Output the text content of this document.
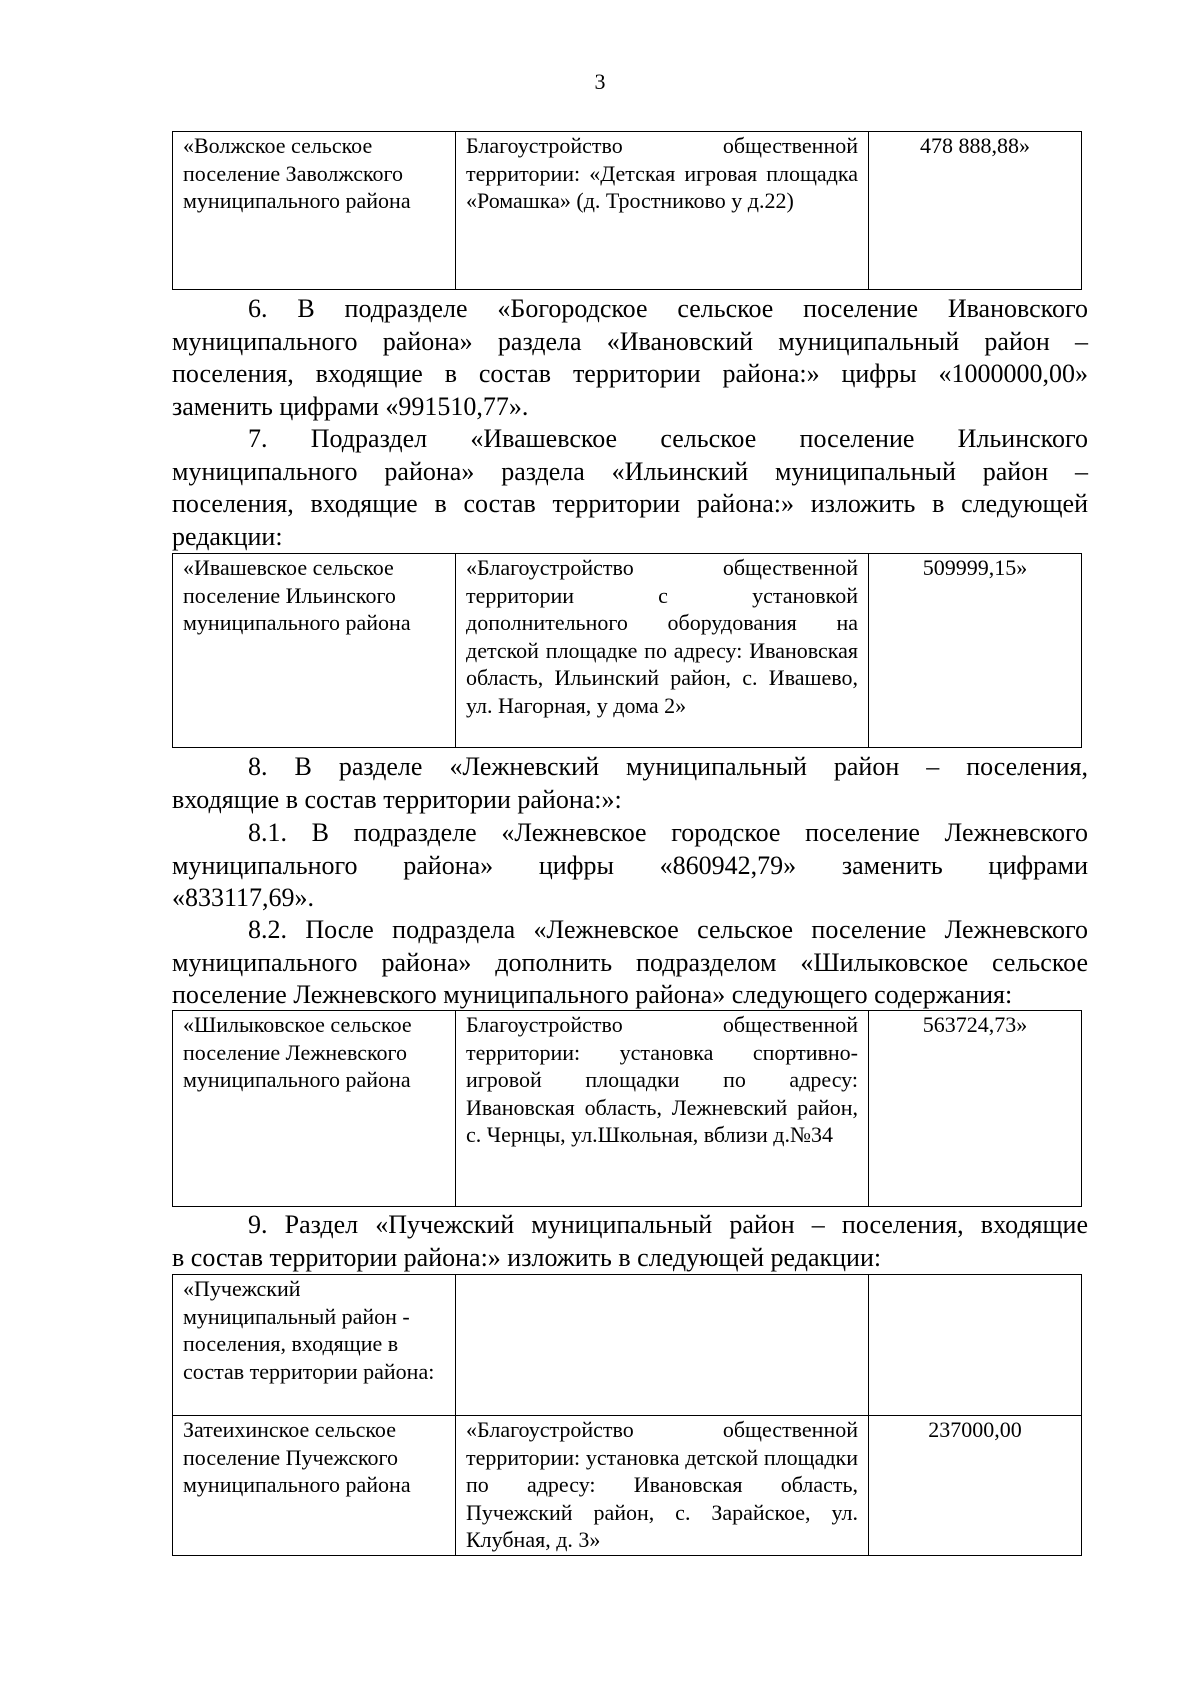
3
«Волжское сельское поселение Заволжского муниципального района	Благоустройство общественной территории: «Детская игровая площадка «Ромашка» (д. Тростниково у д.22)	478 888,88»
6. В подразделе «Богородское сельское поселение Ивановского
муниципального района» раздела «Ивановский муниципальный район –
поселения, входящие в состав территории района:» цифры «1000000,00»
заменить цифрами «991510,77».
7. Подраздел «Ивашевское сельское поселение Ильинского
муниципального района» раздела «Ильинский муниципальный район –
поселения, входящие в состав территории района:» изложить в следующей
редакции:
«Ивашевское сельское поселение Ильинского муниципального района	«Благоустройство общественной территории с установкой дополнительного оборудования на детской площадке по адресу: Ивановская область, Ильинский район, с. Ивашево, ул. Нагорная, у дома 2»	509999,15»
8. В разделе «Лежневский муниципальный район – поселения,
входящие в состав территории района:»:
8.1. В подразделе «Лежневское городское поселение Лежневского
муниципального района» цифры «860942,79» заменить цифрами
«833117,69».
8.2. После подраздела «Лежневское сельское поселение Лежневского
муниципального района» дополнить подразделом «Шилыковское сельское
поселение Лежневского муниципального района» следующего содержания:
«Шилыковское сельское поселение Лежневского муниципального района	Благоустройство общественной территории: установка спортивно-игровой площадки по адресу: Ивановская область, Лежневский район, с. Чернцы, ул.Школьная, вблизи д.№34	563724,73»
9. Раздел «Пучежский муниципальный район – поселения, входящие
в состав территории района:» изложить в следующей редакции:
«Пучежский муниципальный район - поселения, входящие в состав территории района:		
Затеихинское сельское поселение Пучежского муниципального района	«Благоустройство общественной территории: установка детской площадки по адресу: Ивановская область, Пучежский район, с. Зарайское, ул. Клубная, д. 3»	237000,00
